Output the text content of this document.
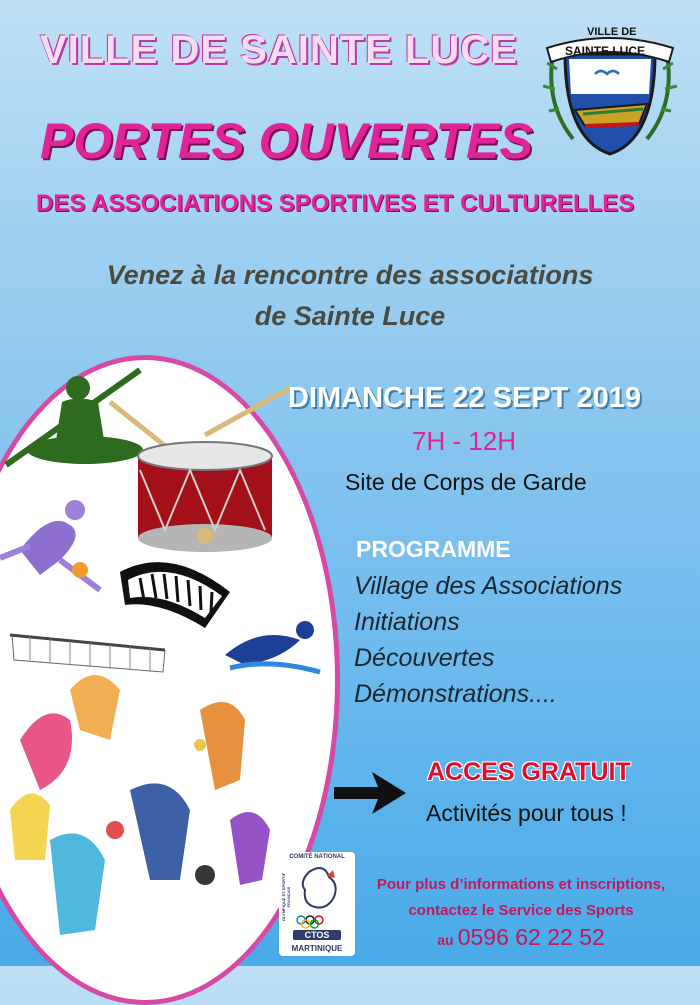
VILLE DE SAINTE LUCE
PORTES OUVERTES
DES ASSOCIATIONS SPORTIVES ET CULTURELLES
VILLE DE
SAINTE LUCE
Venez à la rencontre des associations
de Sainte Luce
DIMANCHE 22 SEPT 2019
7H - 12H
Site de Corps de Garde
PROGRAMME
Village des Associations
Initiations
Découvertes
Démonstrations....
ACCES GRATUIT
Activités pour tous !
COMITÉ NATIONAL
OLYMPIQUE ET SPORTIF FRANÇAIS
CTOS
MARTINIQUE
Pour plus d’informations et inscriptions,
contactez le Service des Sports
au 0596 62 22 52
